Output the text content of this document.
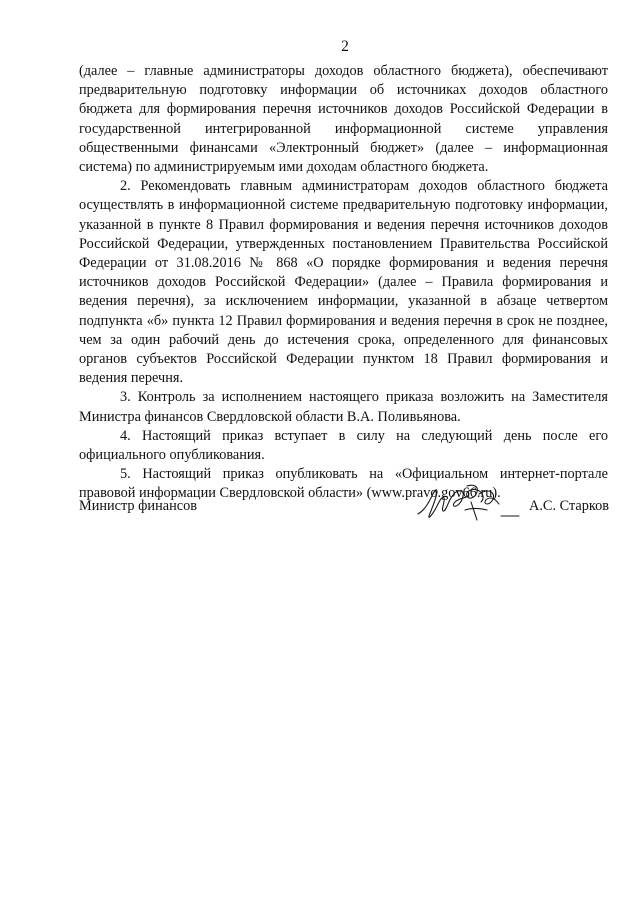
2

(далее – главные администраторы доходов областного бюджета), обеспечивают предварительную подготовку информации об источниках доходов областного бюджета для формирования перечня источников доходов Российской Федерации в государственной интегрированной информационной системе управления общественными финансами «Электронный бюджет» (далее – информационная система) по администрируемым ими доходам областного бюджета.

2. Рекомендовать главным администраторам доходов областного бюджета осуществлять в информационной системе предварительную подготовку информации, указанной в пункте 8 Правил формирования и ведения перечня источников доходов Российской Федерации, утвержденных постановлением Правительства Российской Федерации от 31.08.2016 № 868 «О порядке формирования и ведения перечня источников доходов Российской Федерации» (далее – Правила формирования и ведения перечня), за исключением информации, указанной в абзаце четвертом подпункта «б» пункта 12 Правил формирования и ведения перечня в срок не позднее, чем за один рабочий день до истечения срока, определенного для финансовых органов субъектов Российской Федерации пунктом 18 Правил формирования и ведения перечня.

3. Контроль за исполнением настоящего приказа возложить на Заместителя Министра финансов Свердловской области В.А. Поливьянова.

4. Настоящий приказ вступает в силу на следующий день после его официального опубликования.

5. Настоящий приказ опубликовать на «Официальном интернет-портале правовой информации Свердловской области» (www.pravo.gov66.ru).

Министр финансов	А.С. Старков
